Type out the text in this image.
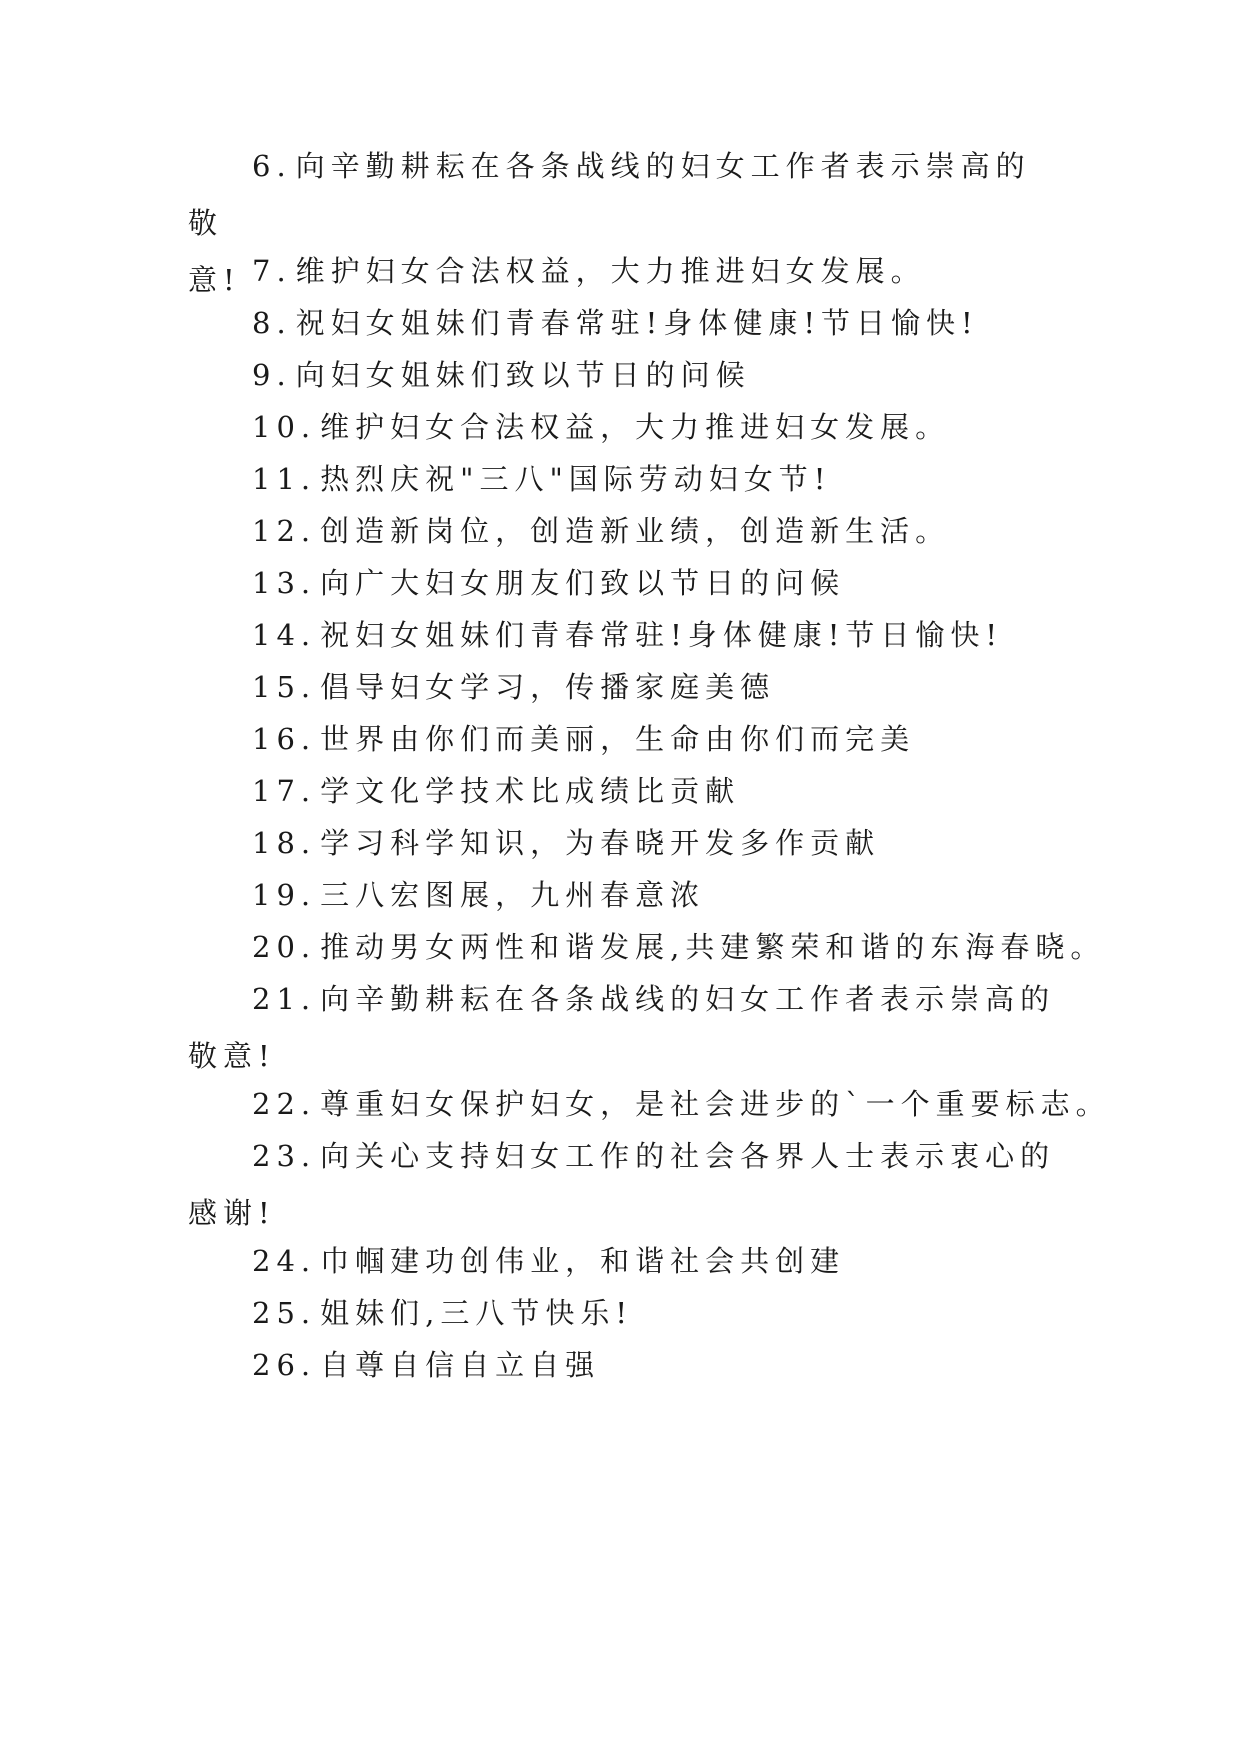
6. 向辛勤耕耘在各条战线的妇女工作者表示崇高的敬
意! 7. 维护妇女合法权益，大力推进妇女发展。
8. 祝妇女姐妹们青春常驻!身体健康!节日愉快!
9. 向妇女姐妹们致以节日的问候
10. 维护妇女合法权益，大力推进妇女发展。
11. 热烈庆祝"三八"国际劳动妇女节!
12. 创造新岗位，创造新业绩，创造新生活。
13. 向广大妇女朋友们致以节日的问候
14. 祝妇女姐妹们青春常驻!身体健康!节日愉快!
15. 倡导妇女学习，传播家庭美德
16. 世界由你们而美丽，生命由你们而完美
17. 学文化学技术比成绩比贡献
18. 学习科学知识，为春晓开发多作贡献
19. 三八宏图展，九州春意浓
20. 推动男女两性和谐发展,共建繁荣和谐的东海春晓。
21. 向辛勤耕耘在各条战线的妇女工作者表示崇高的
敬意!
22. 尊重妇女保护妇女，是社会进步的`一个重要标志。
23. 向关心支持妇女工作的社会各界人士表示衷心的
感谢!
24. 巾帼建功创伟业，和谐社会共创建
25. 姐妹们,三八节快乐!
26. 自尊自信自立自强
